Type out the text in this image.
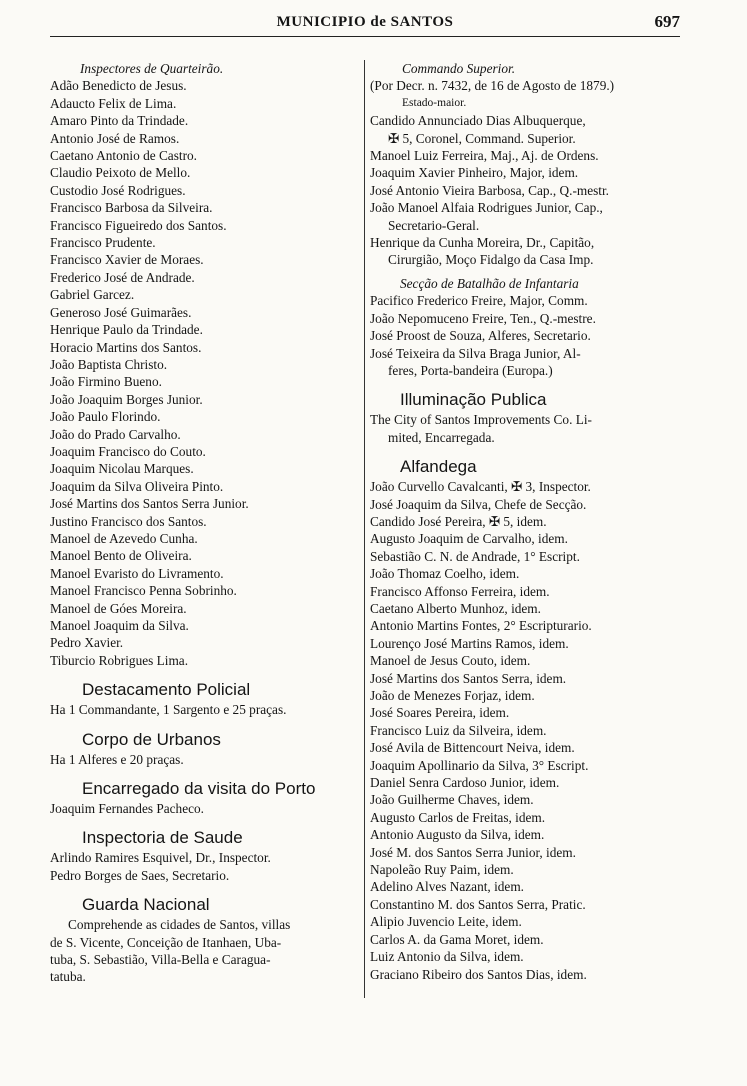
MUNICIPIO de SANTOS	697
Inspectores de Quarteirão.
Adão Benedicto de Jesus.
Adaucto Felix de Lima.
Amaro Pinto da Trindade.
Antonio José de Ramos.
Caetano Antonio de Castro.
Claudio Peixoto de Mello.
Custodio José Rodrigues.
Francisco Barbosa da Silveira.
Francisco Figueiredo dos Santos.
Francisco Prudente.
Francisco Xavier de Moraes.
Frederico José de Andrade.
Gabriel Garcez.
Generoso José Guimarães.
Henrique Paulo da Trindade.
Horacio Martins dos Santos.
João Baptista Christo.
João Firmino Bueno.
João Joaquim Borges Junior.
João Paulo Florindo.
João do Prado Carvalho.
Joaquim Francisco do Couto.
Joaquim Nicolau Marques.
Joaquim da Silva Oliveira Pinto.
José Martins dos Santos Serra Junior.
Justino Francisco dos Santos.
Manoel de Azevedo Cunha.
Manoel Bento de Oliveira.
Manoel Evaristo do Livramento.
Manoel Francisco Penna Sobrinho.
Manoel de Góes Moreira.
Manoel Joaquim da Silva.
Pedro Xavier.
Tiburcio Robrigues Lima.
Destacamento Policial
Ha 1 Commandante, 1 Sargento e 25 praças.
Corpo de Urbanos
Ha 1 Alferes e 20 praças.
Encarregado da visita do Porto
Joaquim Fernandes Pacheco.
Inspectoria de Saude
Arlindo Ramires Esquivel, Dr., Inspector.
Pedro Borges de Saes, Secretario.
Guarda Nacional
Comprehende as cidades de Santos, villas
de S. Vicente, Conceição de Itanhaen, Uba-
tuba, S. Sebastião, Villa-Bella e Caragua-
tatuba.
Commando Superior.
(Por Decr. n. 7432, de 16 de Agosto de 1879.)
Estado-maior.
Candido Annunciado Dias Albuquerque,
✠ 5, Coronel, Command. Superior.
Manoel Luiz Ferreira, Maj., Aj. de Ordens.
Joaquim Xavier Pinheiro, Major, idem.
José Antonio Vieira Barbosa, Cap., Q.-mestr.
João Manoel Alfaia Rodrigues Junior, Cap.,
Secretario-Geral.
Henrique da Cunha Moreira, Dr., Capitão,
Cirurgião, Moço Fidalgo da Casa Imp.
Secção de Batalhão de Infantaria
Pacifico Frederico Freire, Major, Comm.
João Nepomuceno Freire, Ten., Q.-mestre.
José Proost de Souza, Alferes, Secretario.
José Teixeira da Silva Braga Junior, Al-
feres, Porta-bandeira (Europa.)
Illuminação Publica
The City of Santos Improvements Co. Li-
mited, Encarregada.
Alfandega
João Curvello Cavalcanti, ✠ 3, Inspector.
José Joaquim da Silva, Chefe de Secção.
Candido José Pereira, ✠ 5, idem.
Augusto Joaquim de Carvalho, idem.
Sebastião C. N. de Andrade, 1° Escript.
João Thomaz Coelho, idem.
Francisco Affonso Ferreira, idem.
Caetano Alberto Munhoz, idem.
Antonio Martins Fontes, 2° Escripturario.
Lourenço José Martins Ramos, idem.
Manoel de Jesus Couto, idem.
José Martins dos Santos Serra, idem.
João de Menezes Forjaz, idem.
José Soares Pereira, idem.
Francisco Luiz da Silveira, idem.
José Avila de Bittencourt Neiva, idem.
Joaquim Apollinario da Silva, 3° Escript.
Daniel Senra Cardoso Junior, idem.
João Guilherme Chaves, idem.
Augusto Carlos de Freitas, idem.
Antonio Augusto da Silva, idem.
José M. dos Santos Serra Junior, idem.
Napoleão Ruy Paim, idem.
Adelino Alves Nazant, idem.
Constantino M. dos Santos Serra, Pratic.
Alipio Juvencio Leite, idem.
Carlos A. da Gama Moret, idem.
Luiz Antonio da Silva, idem.
Graciano Ribeiro dos Santos Dias, idem.
